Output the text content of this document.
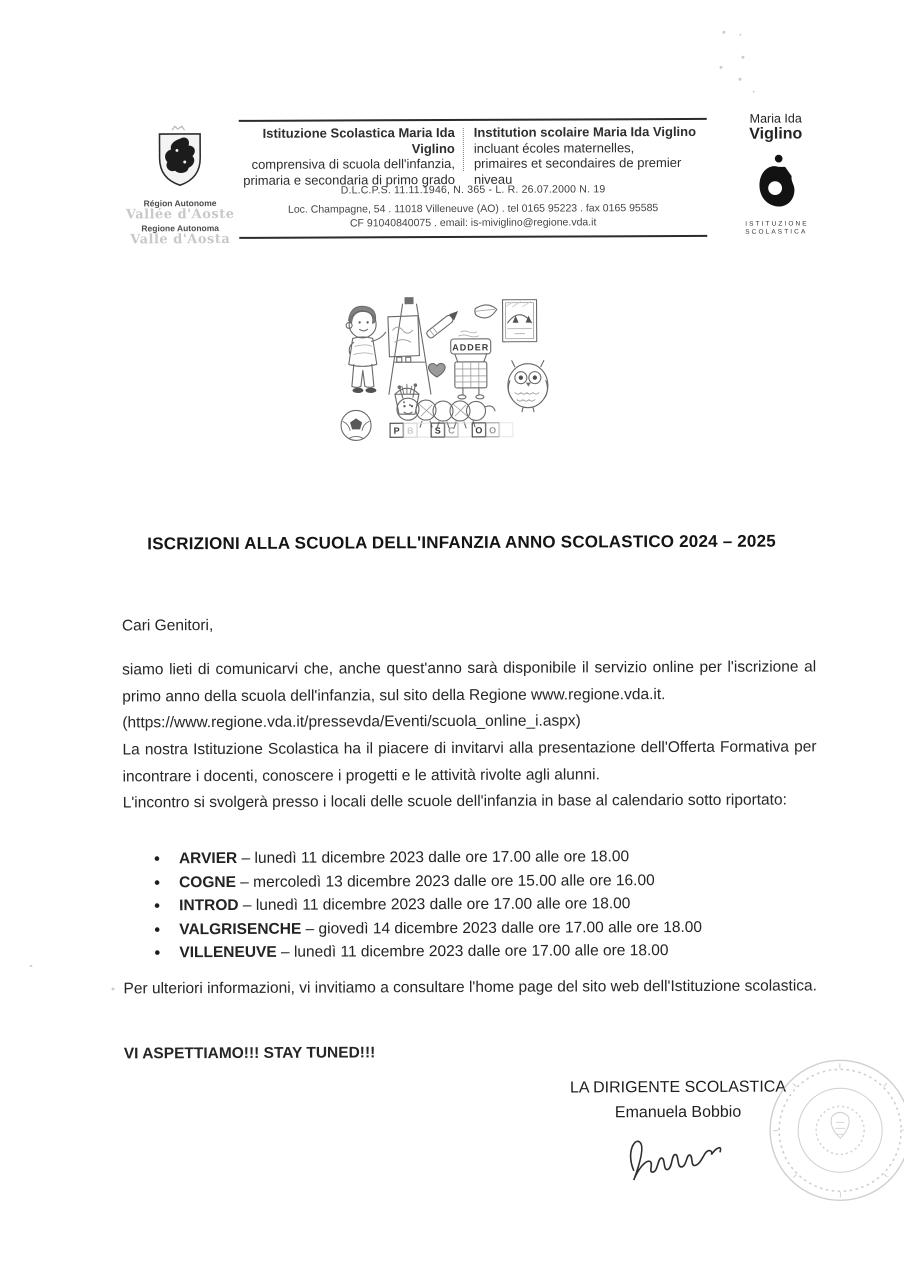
Région Autonome
Vallée d'Aoste
Regione Autonoma
Valle d'Aosta
Istituzione Scolastica Maria Ida Viglino
comprensiva di scuola dell'infanzia,
primaria e secondaria di primo grado
Institution scolaire Maria Ida Viglino
incluant écoles maternelles,
primaires et secondaires de premier niveau
D.L.C.P.S. 11.11.1946, N. 365 - L. R. 26.07.2000 N. 19
Loc. Champagne, 54 . 11018 Villeneuve (AO) . tel 0165 95223 . fax 0165 95585
CF 91040840075 . email: is-miviglino@regione.vda.it
Maria Ida
Viglino
ISTITUZIONE
SCOLASTICA
P B S C O O
ADDER
ISCRIZIONI ALLA SCUOLA DELL'INFANZIA ANNO SCOLASTICO 2024 – 2025

Cari Genitori,

siamo lieti di comunicarvi che, anche quest'anno sarà disponibile il servizio online per l'iscrizione al primo anno della scuola dell'infanzia, sul sito della Regione www.regione.vda.it.

(https://www.regione.vda.it/pressevda/Eventi/scuola_online_i.aspx)

La nostra Istituzione Scolastica ha il piacere di invitarvi alla presentazione dell'Offerta Formativa per incontrare i docenti, conoscere i progetti e le attività rivolte agli alunni.

L'incontro si svolgerà presso i locali delle scuole dell'infanzia in base al calendario sotto riportato:

• ARVIER – lunedì 11 dicembre 2023 dalle ore 17.00 alle ore 18.00
• COGNE – mercoledì 13 dicembre 2023 dalle ore 15.00 alle ore 16.00
• INTROD – lunedì 11 dicembre 2023 dalle ore 17.00 alle ore 18.00
• VALGRISENCHE – giovedì 14 dicembre 2023 dalle ore 17.00 alle ore 18.00
• VILLENEUVE – lunedì 11 dicembre 2023 dalle ore 17.00 alle ore 18.00

Per ulteriori informazioni, vi invitiamo a consultare l'home page del sito web dell'Istituzione scolastica.

VI ASPETTIAMO!!! STAY TUNED!!!

LA DIRIGENTE SCOLASTICA
Emanuela Bobbio
